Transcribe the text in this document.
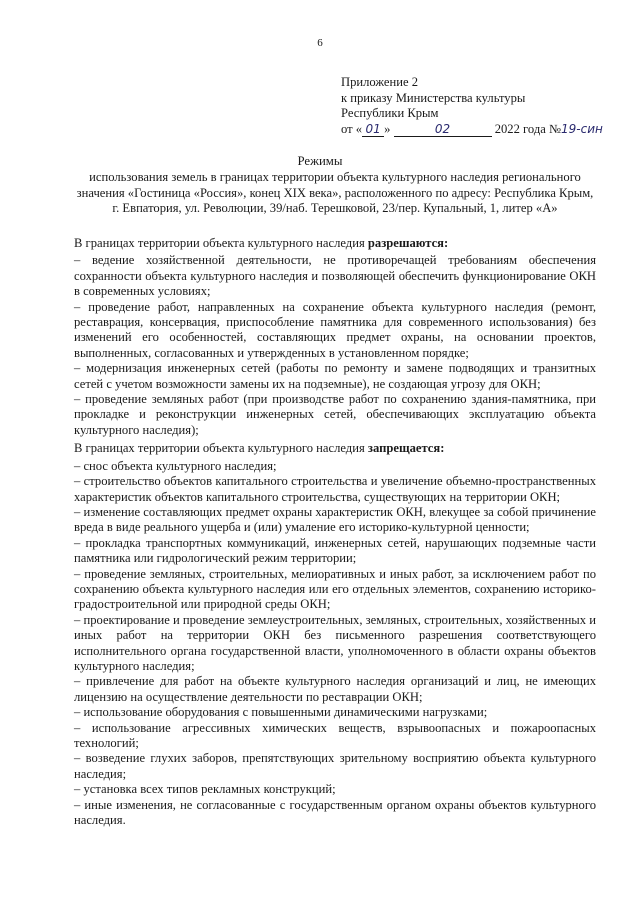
6
Приложение 2
к приказу Министерства культуры
Республики Крым
от « 01 »	02	2022 года №19-син
Режимы
использования земель в границах территории объекта культурного наследия регионального значения «Гостиница «Россия», конец XIX века», расположенного по адресу: Республика Крым, г. Евпатория, ул. Революции, 39/наб. Терешковой, 23/пер. Купальный, 1, литер «А»

В границах территории объекта культурного наследия разрешаются:

– ведение хозяйственной деятельности, не противоречащей требованиям обеспечения сохранности объекта культурного наследия и позволяющей обеспечить функционирование ОКН в современных условиях;

– проведение работ, направленных на сохранение объекта культурного наследия (ремонт, реставрация, консервация, приспособление памятника для современного использования) без изменений его особенностей, составляющих предмет охраны, на основании проектов, выполненных, согласованных и утвержденных в установленном порядке;

– модернизация инженерных сетей (работы по ремонту и замене подводящих и транзитных сетей с учетом возможности замены их на подземные), не создающая угрозу для ОКН;

– проведение земляных работ (при производстве работ по сохранению здания-памятника, при прокладке и реконструкции инженерных сетей, обеспечивающих эксплуатацию объекта культурного наследия);

В границах территории объекта культурного наследия запрещается:

– снос объекта культурного наследия;

– строительство объектов капитального строительства и увеличение объемно-пространственных характеристик объектов капитального строительства, существующих на территории ОКН;

– изменение составляющих предмет охраны характеристик ОКН, влекущее за собой причинение вреда в виде реального ущерба и (или) умаление его историко-культурной ценности;

– прокладка транспортных коммуникаций, инженерных сетей, нарушающих подземные части памятника или гидрологический режим территории;

– проведение земляных, строительных, мелиоративных и иных работ, за исключением работ по сохранению объекта культурного наследия или его отдельных элементов, сохранению историко-градостроительной или природной среды ОКН;

– проектирование и проведение землеустроительных, земляных, строительных, хозяйственных и иных работ на территории ОКН без письменного разрешения соответствующего исполнительного органа государственной власти, уполномоченного в области охраны объектов культурного наследия;

– привлечение для работ на объекте культурного наследия организаций и лиц, не имеющих лицензию на осуществление деятельности по реставрации ОКН;

– использование оборудования с повышенными динамическими нагрузками;

– использование агрессивных химических веществ, взрывоопасных и пожароопасных технологий;

– возведение глухих заборов, препятствующих зрительному восприятию объекта культурного наследия;

– установка всех типов рекламных конструкций;

– иные изменения, не согласованные с государственным органом охраны объектов культурного наследия.
